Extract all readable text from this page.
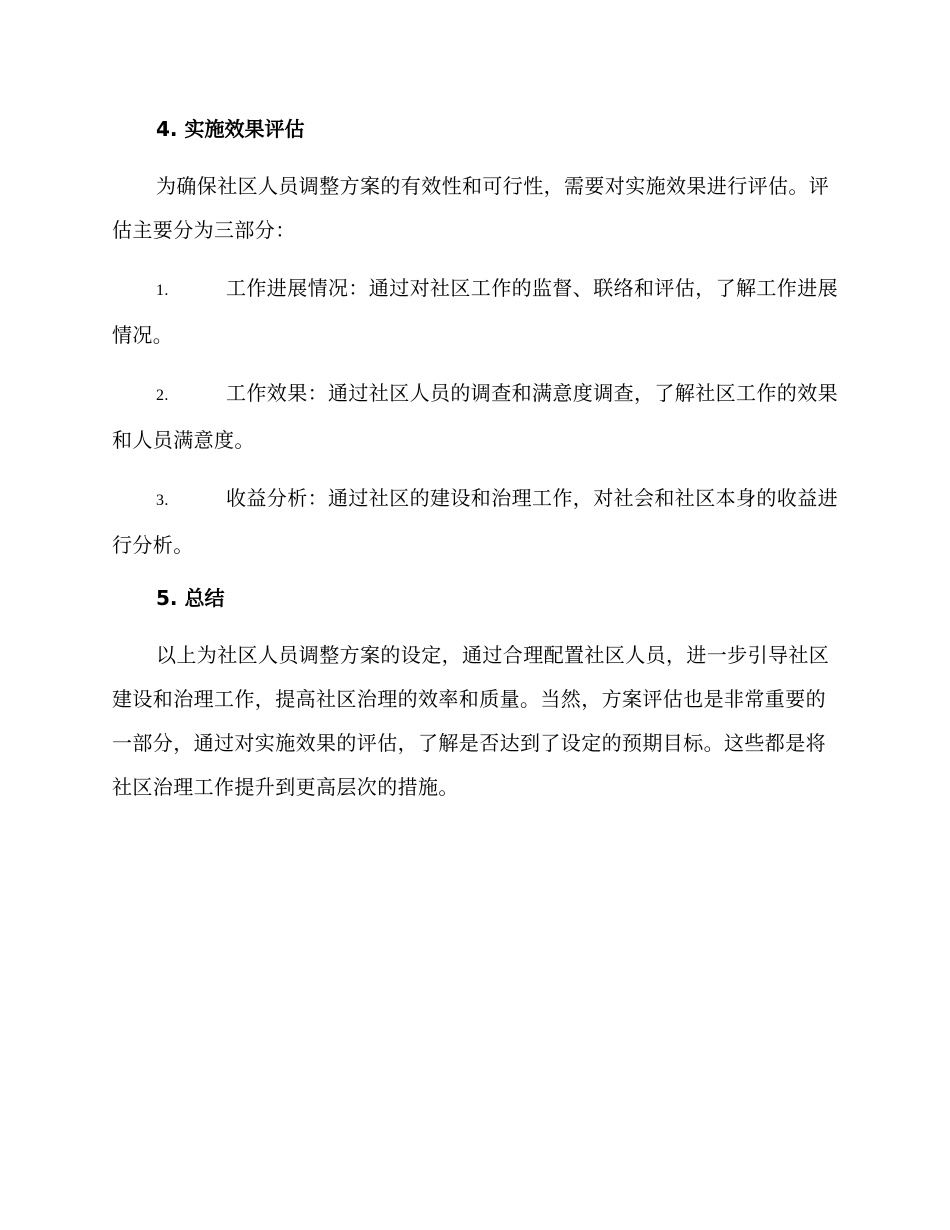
4. 实施效果评估

为确保社区人员调整方案的有效性和可行性，需要对实施效果进行评估。评估主要分为三部分：

1.	工作进展情况：通过对社区工作的监督、联络和评估，了解工作进展情况。

2.	工作效果：通过社区人员的调查和满意度调查，了解社区工作的效果和人员满意度。

3.	收益分析：通过社区的建设和治理工作，对社会和社区本身的收益进行分析。

5. 总结

以上为社区人员调整方案的设定，通过合理配置社区人员，进一步引导社区建设和治理工作，提高社区治理的效率和质量。当然，方案评估也是非常重要的一部分，通过对实施效果的评估，了解是否达到了设定的预期目标。这些都是将社区治理工作提升到更高层次的措施。
